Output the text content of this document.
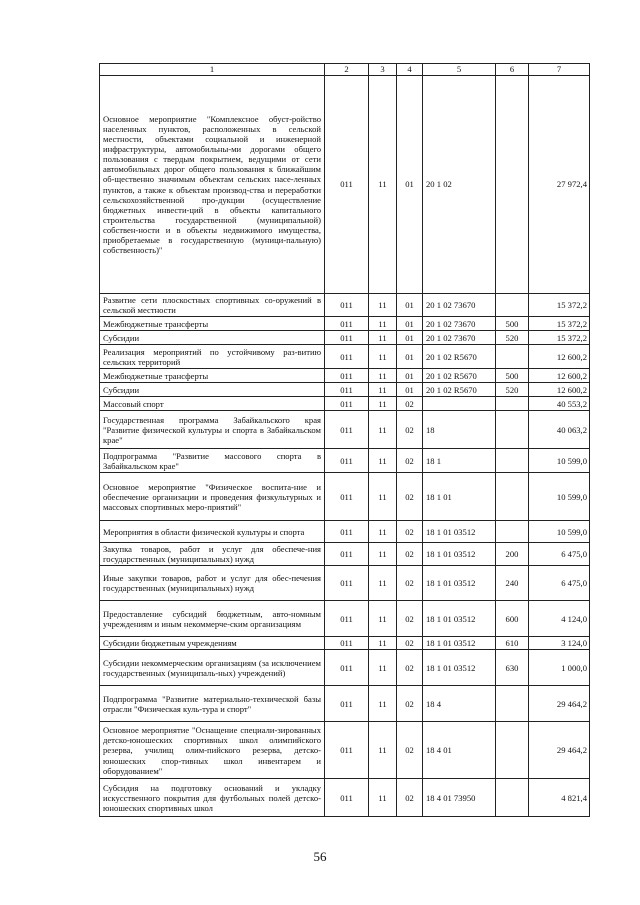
1	2	3	4	5	6	7
Основное мероприятие "Комплексное обуст-ройство населенных пунктов, расположенных в сельской местности, объектами социальной и инженерной инфраструктуры, автомобильны-ми дорогами общего пользования с твердым покрытием, ведущими от сети автомобильных дорог общего пользования к ближайшим об-щественно значимым объектам сельских насе-ленных пунктов, а также к объектам производ-ства и переработки сельскохозяйственной про-дукции (осуществление бюджетных инвести-ций в объекты капитального строительства государственной (муниципальной) собствен-ности и в объекты недвижимого имущества, приобретаемые в государственную (муници-пальную) собственность)"	011	11	01	20 1 02		27 972,4
Развитие сети плоскостных спортивных со-оружений в сельской местности	011	11	01	20 1 02 73670		15 372,2
Межбюджетные трансферты	011	11	01	20 1 02 73670	500	15 372,2
Субсидии	011	11	01	20 1 02 73670	520	15 372,2
Реализация мероприятий по устойчивому раз-витию сельских территорий	011	11	01	20 1 02 R5670		12 600,2
Межбюджетные трансферты	011	11	01	20 1 02 R5670	500	12 600,2
Субсидии	011	11	01	20 1 02 R5670	520	12 600,2
Массовый спорт	011	11	02			40 553,2
Государственная программа Забайкальского края "Развитие физической культуры и спорта в Забайкальском крае"	011	11	02	18		40 063,2
Подпрограмма "Развитие массового спорта в Забайкальском крае"	011	11	02	18 1		10 599,0
Основное мероприятие "Физическое воспита-ние и обеспечение организации и проведения физкультурных и массовых спортивных меро-приятий"	011	11	02	18 1 01		10 599,0
Мероприятия в области физической культуры и спорта	011	11	02	18 1 01 03512		10 599,0
Закупка товаров, работ и услуг для обеспече-ния государственных (муниципальных) нужд	011	11	02	18 1 01 03512	200	6 475,0
Иные закупки товаров, работ и услуг для обес-печения государственных (муниципальных) нужд	011	11	02	18 1 01 03512	240	6 475,0
Предоставление субсидий бюджетным, авто-номным учреждениям и иным некоммерче-ским организациям	011	11	02	18 1 01 03512	600	4 124,0
Субсидии бюджетным учреждениям	011	11	02	18 1 01 03512	610	3 124,0
Субсидии некоммерческим организациям (за исключением государственных (муниципаль-ных) учреждений)	011	11	02	18 1 01 03512	630	1 000,0
Подпрограмма "Развитие материально-технической базы отрасли "Физическая куль-тура и спорт"	011	11	02	18 4		29 464,2
Основное мероприятие "Оснащение специали-зированных детско-юношеских спортивных школ олимпийского резерва, училищ олим-пийского резерва, детско-юношеских спор-тивных школ инвентарем и оборудованием"	011	11	02	18 4 01		29 464,2
Субсидия на подготовку оснований и укладку искусственного покрытия для футбольных полей детско-юношеских спортивных школ	011	11	02	18 4 01 73950		4 821,4
56
